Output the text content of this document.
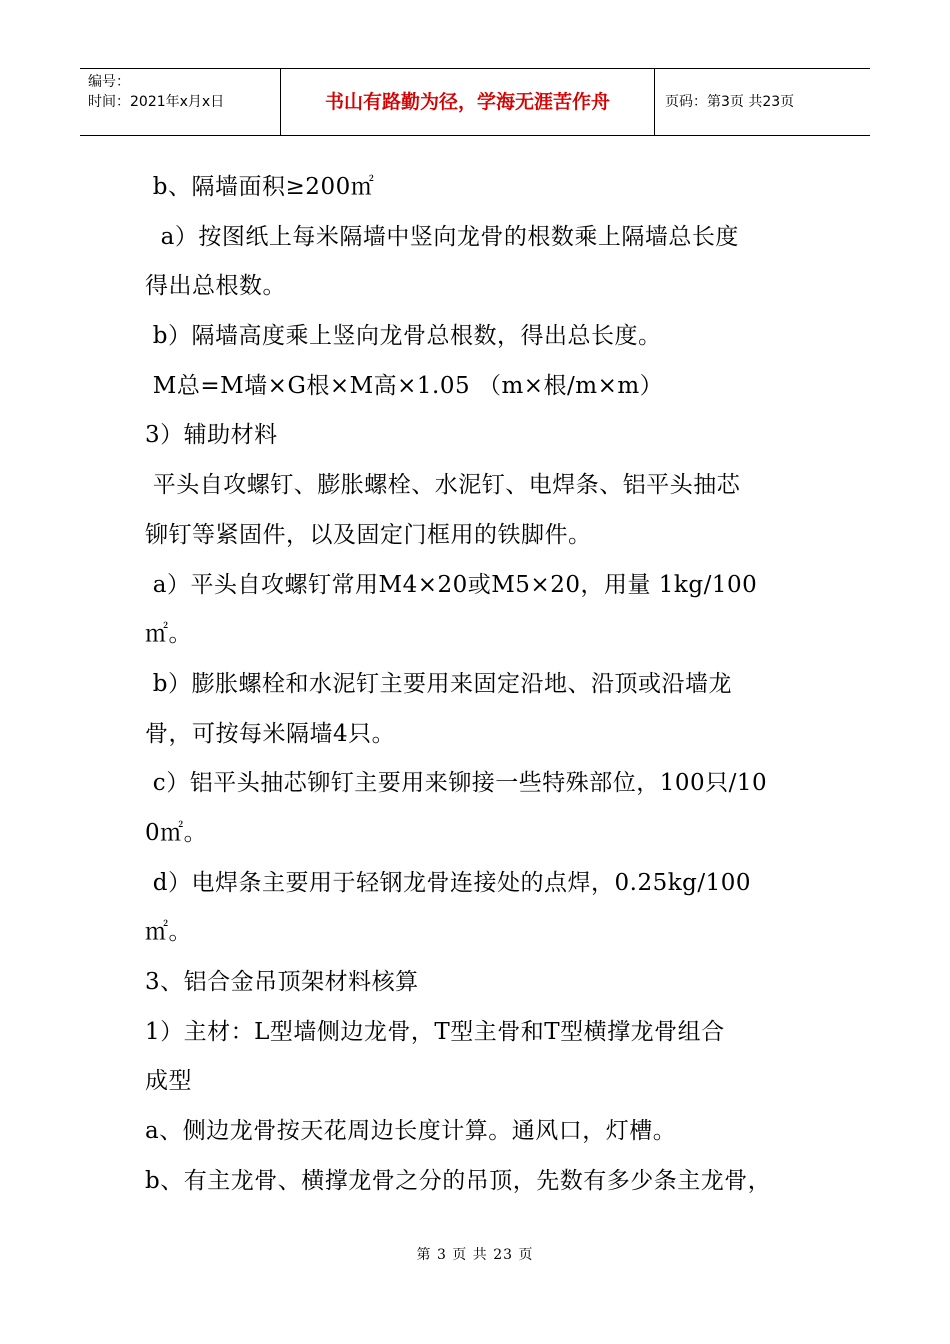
编号：
时间：2021年x月x日	书山有路勤为径，学海无涯苦作舟	页码：第3页 共23页
b、隔墙面积≥200㎡
a）按图纸上每米隔墙中竖向龙骨的根数乘上隔墙总长度
得出总根数。
b）隔墙高度乘上竖向龙骨总根数，得出总长度。
M总=M墙×G根×M高×1.05 （m×根/m×m）
3）辅助材料
平头自攻螺钉、膨胀螺栓、水泥钉、电焊条、铝平头抽芯
铆钉等紧固件，以及固定门框用的铁脚件。
a）平头自攻螺钉常用M4×20或M5×20，用量 1kg/100
㎡。
b）膨胀螺栓和水泥钉主要用来固定沿地、沿顶或沿墙龙
骨，可按每米隔墙4只。
c）铝平头抽芯铆钉主要用来铆接一些特殊部位，100只/10
0㎡。
d）电焊条主要用于轻钢龙骨连接处的点焊，0.25kg/100
㎡。
3、铝合金吊顶架材料核算
1）主材：L型墙侧边龙骨，T型主骨和T型横撑龙骨组合
成型
a、侧边龙骨按天花周边长度计算。通风口，灯槽。
b、有主龙骨、横撑龙骨之分的吊顶，先数有多少条主龙骨，
第 3 页 共 23 页
